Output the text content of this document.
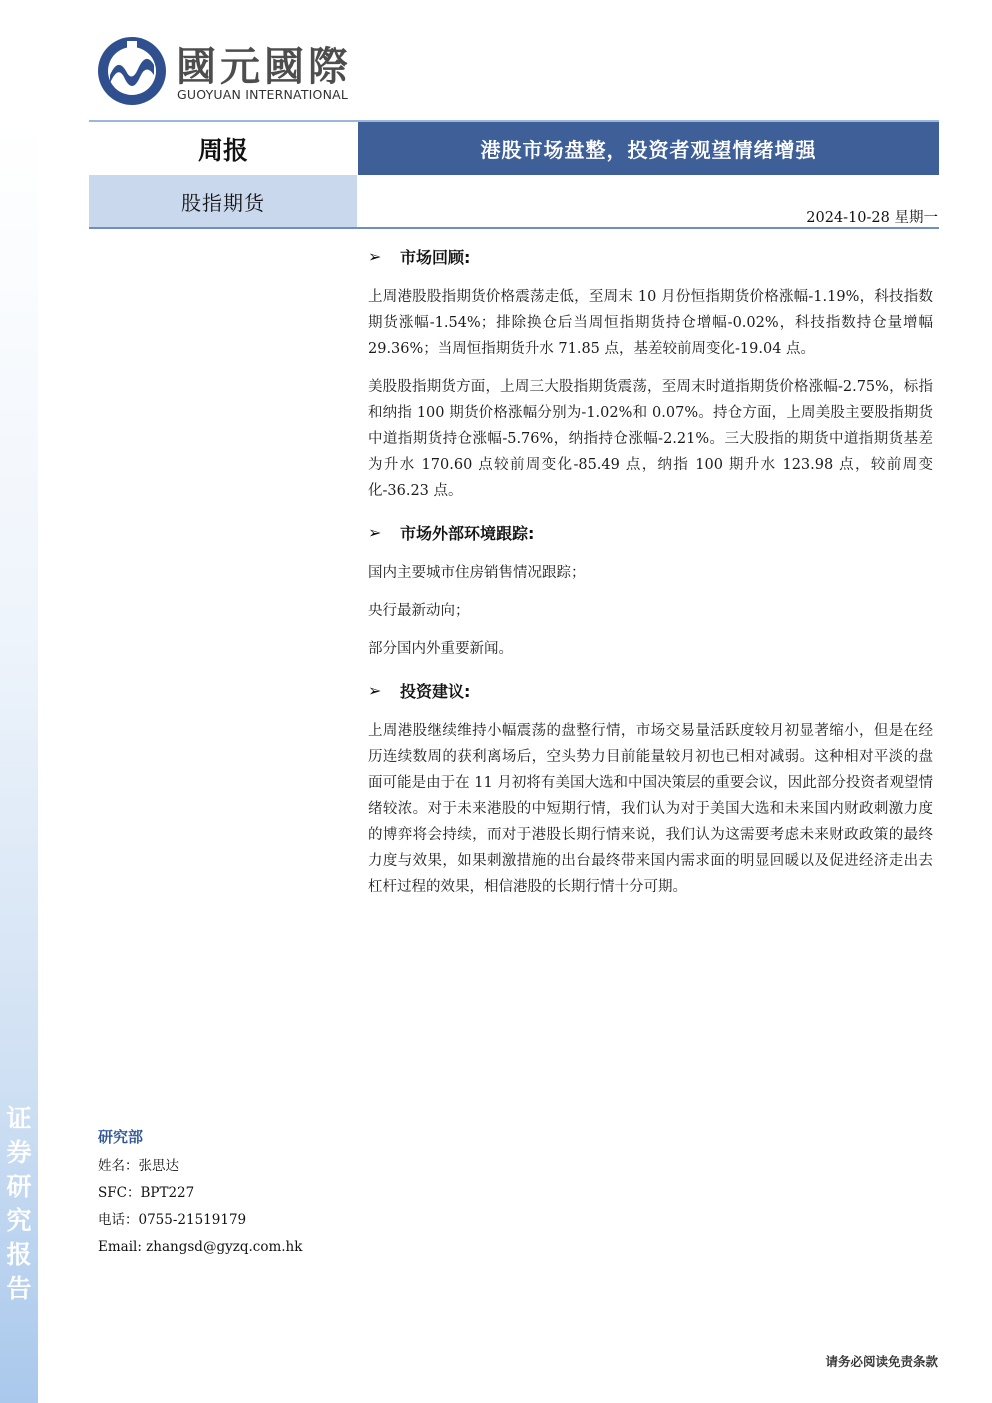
证
券
研
究
报
告
國元國際
GUOYUAN INTERNATIONAL
周报	港股市场盘整，投资者观望情绪增强
股指期货
2024-10-28 星期一
➢	市场回顾:

上周港股股指期货价格震荡走低，至周末 10 月份恒指期货价格涨幅-1.19%，科技指数期货涨幅-1.54%；排除换仓后当周恒指期货持仓增幅-0.02%，科技指数持仓量增幅 29.36%；当周恒指期货升水 71.85 点，基差较前周变化-19.04 点。

美股股指期货方面，上周三大股指期货震荡，至周末时道指期货价格涨幅-2.75%，标指和纳指 100 期货价格涨幅分别为-1.02%和 0.07%。持仓方面，上周美股主要股指期货中道指期货持仓涨幅-5.76%，纳指持仓涨幅-2.21%。三大股指的期货中道指期货基差为升水 170.60 点较前周变化-85.49 点，纳指 100 期升水 123.98 点，较前周变化-36.23 点。

➢	市场外部环境跟踪:

国内主要城市住房销售情况跟踪；

央行最新动向；

部分国内外重要新闻。

➢	投资建议:

上周港股继续维持小幅震荡的盘整行情，市场交易量活跃度较月初显著缩小，但是在经历连续数周的获利离场后，空头势力目前能量较月初也已相对减弱。这种相对平淡的盘面可能是由于在 11 月初将有美国大选和中国决策层的重要会议，因此部分投资者观望情绪较浓。对于未来港股的中短期行情，我们认为对于美国大选和未来国内财政刺激力度的博弈将会持续，而对于港股长期行情来说，我们认为这需要考虑未来财政政策的最终力度与效果，如果刺激措施的出台最终带来国内需求面的明显回暖以及促进经济走出去杠杆过程的效果，相信港股的长期行情十分可期。

研究部
姓名：张思达
SFC：BPT227
电话：0755-21519179
Email: zhangsd@gyzq.com.hk
请务必阅读免责条款
